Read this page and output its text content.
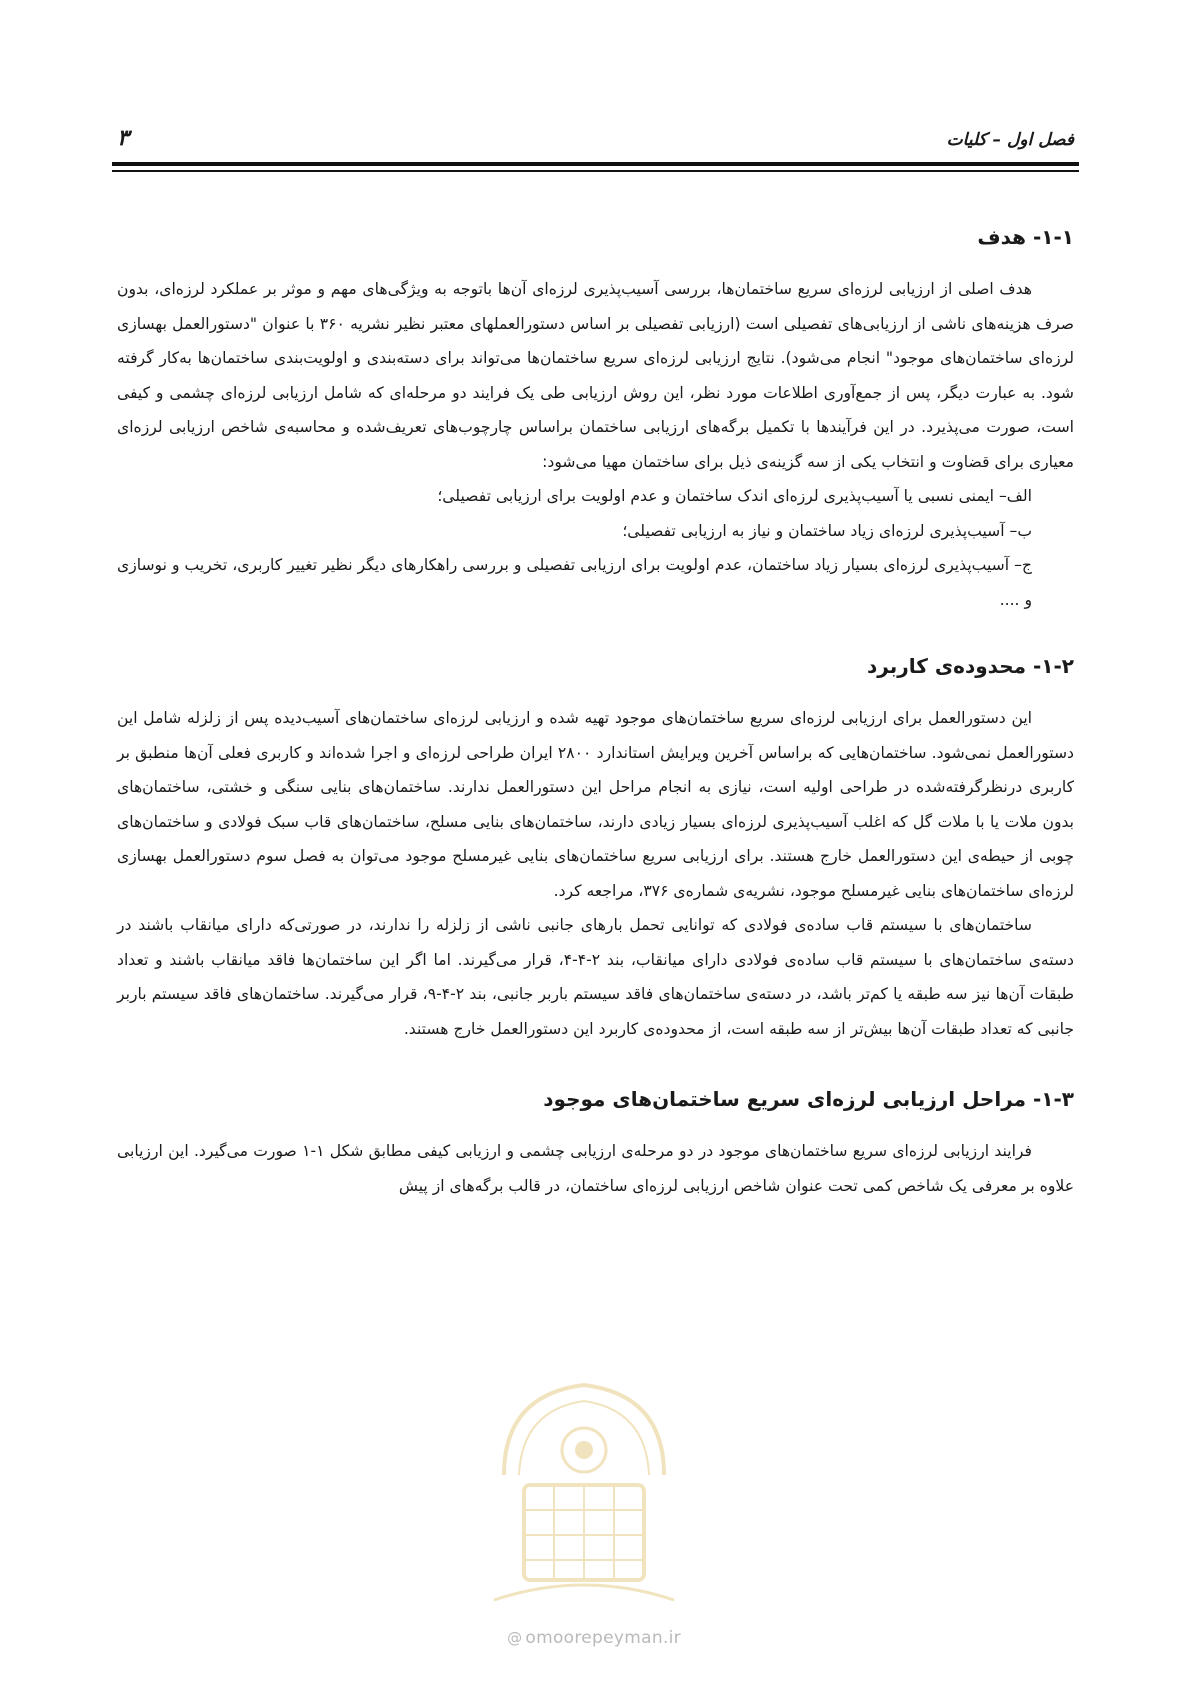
فصل اول – کلیات
۳
۱-۱- هدف

هدف اصلی از ارزیابی لرزه‌ای سریع ساختمان‌ها، بررسی آسیب‌پذیری لرزه‌ای آن‌ها باتوجه به ویژگی‌های مهم و موثر بر عملکرد لرزه‌ای، بدون صرف هزینه‌های ناشی از ارزیابی‌های تفصیلی است (ارزیابی تفصیلی بر اساس دستورالعملهای معتبر نظیر نشریه ۳۶۰ با عنوان "دستورالعمل بهسازی لرزه‌ای ساختمان‌های موجود" انجام می‌شود). نتایج ارزیابی لرزه‌ای سریع ساختمان‌ها می‌تواند برای دسته‌بندی و اولویت‌بندی ساختمان‌ها به‌کار گرفته شود. به عبارت دیگر، پس از جمع‌آوری اطلاعات مورد نظر، این روش ارزیابی طی یک فرایند دو مرحله‌ای که شامل ارزیابی لرزه‌ای چشمی و کیفی است، صورت می‌پذیرد. در این فرآیندها با تکمیل برگه‌های ارزیابی ساختمان براساس چارچوب‌های تعریف‌شده و محاسبه‌ی شاخص ارزیابی لرزه‌ای معیاری برای قضاوت و انتخاب یکی از سه گزینه‌ی ذیل برای ساختمان مهیا می‌شود:

الف– ایمنی نسبی یا آسیب‌پذیری لرزه‌ای اندک ساختمان و عدم اولویت برای ارزیابی تفصیلی؛
ب– آسیب‌پذیری لرزه‌ای زیاد ساختمان و نیاز به ارزیابی تفصیلی؛
ج– آسیب‌پذیری لرزه‌ای بسیار زیاد ساختمان، عدم اولویت برای ارزیابی تفصیلی و بررسی راهکارهای دیگر نظیر تغییر کاربری، تخریب و نوسازی و ....
۱-۲- محدوده‌ی کاربرد

این دستورالعمل برای ارزیابی لرزه‌ای سریع ساختمان‌های موجود تهیه شده و ارزیابی لرزه‌ای ساختمان‌های آسیب‌دیده پس از زلزله شامل این دستورالعمل نمی‌شود. ساختمان‌هایی که براساس آخرین ویرایش استاندارد ۲۸۰۰ ایران طراحی لرزه‌ای و اجرا شده‌اند و کاربری فعلی آن‌ها منطبق بر کاربری درنظرگرفته‌شده در طراحی اولیه است، نیازی به انجام مراحل این دستورالعمل ندارند. ساختمان‌های بنایی سنگی و خشتی، ساختمان‌های بدون ملات یا با ملات گل که اغلب آسیب‌پذیری لرزه‌ای بسیار زیادی دارند، ساختمان‌های بنایی مسلح، ساختمان‌های قاب سبک فولادی و ساختمان‌های چوبی از حیطه‌ی این دستورالعمل خارج هستند. برای ارزیابی سریع ساختمان‌های بنایی غیرمسلح موجود می‌توان به فصل سوم دستورالعمل بهسازی لرزه‌ای ساختمان‌های بنایی غیرمسلح موجود، نشریه‌ی شماره‌ی ۳۷۶، مراجعه کرد.

ساختمان‌های با سیستم قاب ساده‌ی فولادی که توانایی تحمل بارهای جانبی ناشی از زلزله را ندارند، در صورتی‌که دارای میانقاب باشند در دسته‌ی ساختمان‌های با سیستم قاب ساده‌ی فولادی دارای میانقاب، بند ۲-۴-۴، قرار می‌گیرند. اما اگر این ساختمان‌ها فاقد میانقاب باشند و تعداد طبقات آن‌ها نیز سه طبقه یا کم‌تر باشد، در دسته‌ی ساختمان‌های فاقد سیستم باربر جانبی، بند ۲-۴-۹، قرار می‌گیرند. ساختمان‌های فاقد سیستم باربر جانبی که تعداد طبقات آن‌ها بیش‌تر از سه طبقه است، از محدوده‌ی کاربرد این دستورالعمل خارج هستند.

۱-۳- مراحل ارزیابی لرزه‌ای سریع ساختمان‌های موجود

فرایند ارزیابی لرزه‌ای سریع ساختمان‌های موجود در دو مرحله‌ی ارزیابی چشمی و ارزیابی کیفی مطابق شکل ۱-۱ صورت می‌گیرد. این ارزیابی علاوه بر معرفی یک شاخص کمی تحت عنوان شاخص ارزیابی لرزه‌ای ساختمان، در قالب برگه‌های از پیش

@ omoorepeyman.ir
